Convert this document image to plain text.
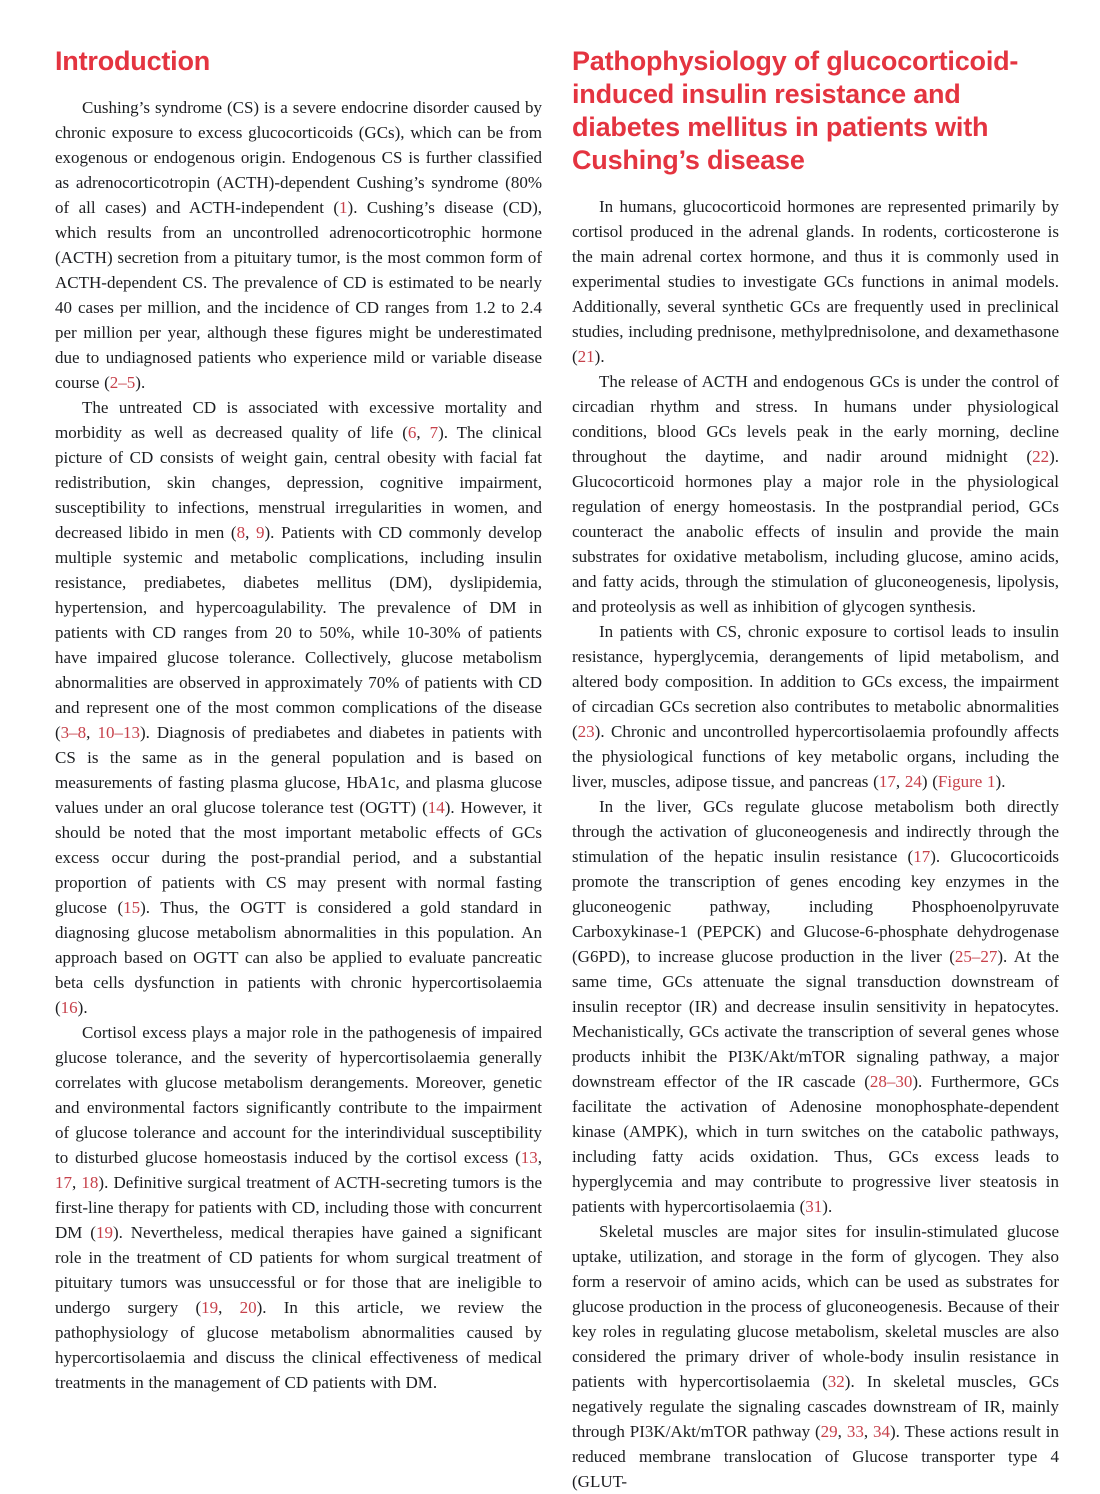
Introduction

Cushing’s syndrome (CS) is a severe endocrine disorder caused by chronic exposure to excess glucocorticoids (GCs), which can be from exogenous or endogenous origin. Endogenous CS is further classified as adrenocorticotropin (ACTH)-dependent Cushing’s syndrome (80% of all cases) and ACTH-independent (1). Cushing’s disease (CD), which results from an uncontrolled adrenocorticotrophic hormone (ACTH) secretion from a pituitary tumor, is the most common form of ACTH-dependent CS. The prevalence of CD is estimated to be nearly 40 cases per million, and the incidence of CD ranges from 1.2 to 2.4 per million per year, although these figures might be underestimated due to undiagnosed patients who experience mild or variable disease course (2–5).

The untreated CD is associated with excessive mortality and morbidity as well as decreased quality of life (6, 7). The clinical picture of CD consists of weight gain, central obesity with facial fat redistribution, skin changes, depression, cognitive impairment, susceptibility to infections, menstrual irregularities in women, and decreased libido in men (8, 9). Patients with CD commonly develop multiple systemic and metabolic complications, including insulin resistance, prediabetes, diabetes mellitus (DM), dyslipidemia, hypertension, and hypercoagulability. The prevalence of DM in patients with CD ranges from 20 to 50%, while 10-30% of patients have impaired glucose tolerance. Collectively, glucose metabolism abnormalities are observed in approximately 70% of patients with CD and represent one of the most common complications of the disease (3–8, 10–13). Diagnosis of prediabetes and diabetes in patients with CS is the same as in the general population and is based on measurements of fasting plasma glucose, HbA1c, and plasma glucose values under an oral glucose tolerance test (OGTT) (14). However, it should be noted that the most important metabolic effects of GCs excess occur during the post-prandial period, and a substantial proportion of patients with CS may present with normal fasting glucose (15). Thus, the OGTT is considered a gold standard in diagnosing glucose metabolism abnormalities in this population. An approach based on OGTT can also be applied to evaluate pancreatic beta cells dysfunction in patients with chronic hypercortisolaemia (16).

Cortisol excess plays a major role in the pathogenesis of impaired glucose tolerance, and the severity of hypercortisolaemia generally correlates with glucose metabolism derangements. Moreover, genetic and environmental factors significantly contribute to the impairment of glucose tolerance and account for the interindividual susceptibility to disturbed glucose homeostasis induced by the cortisol excess (13, 17, 18). Definitive surgical treatment of ACTH-secreting tumors is the first-line therapy for patients with CD, including those with concurrent DM (19). Nevertheless, medical therapies have gained a significant role in the treatment of CD patients for whom surgical treatment of pituitary tumors was unsuccessful or for those that are ineligible to undergo surgery (19, 20). In this article, we review the pathophysiology of glucose metabolism abnormalities caused by hypercortisolaemia and discuss the clinical effectiveness of medical treatments in the management of CD patients with DM.

Pathophysiology of glucocorticoid-induced insulin resistance and diabetes mellitus in patients with Cushing’s disease

In humans, glucocorticoid hormones are represented primarily by cortisol produced in the adrenal glands. In rodents, corticosterone is the main adrenal cortex hormone, and thus it is commonly used in experimental studies to investigate GCs functions in animal models. Additionally, several synthetic GCs are frequently used in preclinical studies, including prednisone, methylprednisolone, and dexamethasone (21).

The release of ACTH and endogenous GCs is under the control of circadian rhythm and stress. In humans under physiological conditions, blood GCs levels peak in the early morning, decline throughout the daytime, and nadir around midnight (22). Glucocorticoid hormones play a major role in the physiological regulation of energy homeostasis. In the postprandial period, GCs counteract the anabolic effects of insulin and provide the main substrates for oxidative metabolism, including glucose, amino acids, and fatty acids, through the stimulation of gluconeogenesis, lipolysis, and proteolysis as well as inhibition of glycogen synthesis.

In patients with CS, chronic exposure to cortisol leads to insulin resistance, hyperglycemia, derangements of lipid metabolism, and altered body composition. In addition to GCs excess, the impairment of circadian GCs secretion also contributes to metabolic abnormalities (23). Chronic and uncontrolled hypercortisolaemia profoundly affects the physiological functions of key metabolic organs, including the liver, muscles, adipose tissue, and pancreas (17, 24) (Figure 1).

In the liver, GCs regulate glucose metabolism both directly through the activation of gluconeogenesis and indirectly through the stimulation of the hepatic insulin resistance (17). Glucocorticoids promote the transcription of genes encoding key enzymes in the gluconeogenic pathway, including Phosphoenolpyruvate Carboxykinase-1 (PEPCK) and Glucose-6-phosphate dehydrogenase (G6PD), to increase glucose production in the liver (25–27). At the same time, GCs attenuate the signal transduction downstream of insulin receptor (IR) and decrease insulin sensitivity in hepatocytes. Mechanistically, GCs activate the transcription of several genes whose products inhibit the PI3K/Akt/mTOR signaling pathway, a major downstream effector of the IR cascade (28–30). Furthermore, GCs facilitate the activation of Adenosine monophosphate-dependent kinase (AMPK), which in turn switches on the catabolic pathways, including fatty acids oxidation. Thus, GCs excess leads to hyperglycemia and may contribute to progressive liver steatosis in patients with hypercortisolaemia (31).

Skeletal muscles are major sites for insulin-stimulated glucose uptake, utilization, and storage in the form of glycogen. They also form a reservoir of amino acids, which can be used as substrates for glucose production in the process of gluconeogenesis. Because of their key roles in regulating glucose metabolism, skeletal muscles are also considered the primary driver of whole-body insulin resistance in patients with hypercortisolaemia (32). In skeletal muscles, GCs negatively regulate the signaling cascades downstream of IR, mainly through PI3K/Akt/mTOR pathway (29, 33, 34). These actions result in reduced membrane translocation of Glucose transporter type 4 (GLUT-
